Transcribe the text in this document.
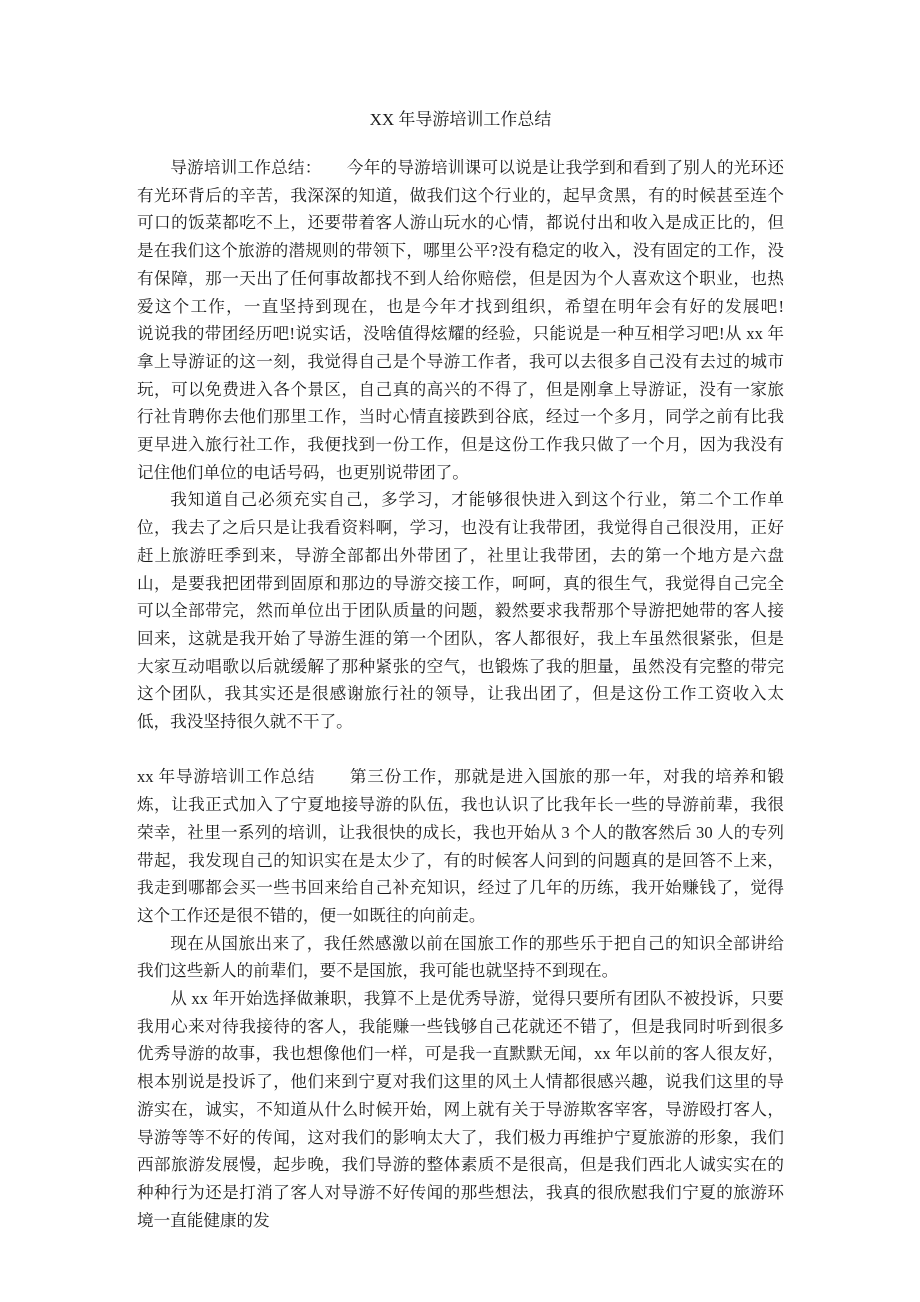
XX 年导游培训工作总结

导游培训工作总结：　　今年的导游培训课可以说是让我学到和看到了别人的光环还有光环背后的辛苦，我深深的知道，做我们这个行业的，起早贪黑，有的时候甚至连个可口的饭菜都吃不上，还要带着客人游山玩水的心情，都说付出和收入是成正比的，但是在我们这个旅游的潜规则的带领下，哪里公平?没有稳定的收入，没有固定的工作，没有保障，那一天出了任何事故都找不到人给你赔偿，但是因为个人喜欢这个职业，也热爱这个工作，一直坚持到现在，也是今年才找到组织，希望在明年会有好的发展吧!　　说说我的带团经历吧!说实话，没啥值得炫耀的经验，只能说是一种互相学习吧!从 xx 年拿上导游证的这一刻，我觉得自己是个导游工作者，我可以去很多自己没有去过的城市玩，可以免费进入各个景区，自己真的高兴的不得了，但是刚拿上导游证，没有一家旅行社肯聘你去他们那里工作，当时心情直接跌到谷底，经过一个多月，同学之前有比我更早进入旅行社工作，我便找到一份工作，但是这份工作我只做了一个月，因为我没有记住他们单位的电话号码，也更别说带团了。

我知道自己必须充实自己，多学习，才能够很快进入到这个行业，第二个工作单位，我去了之后只是让我看资料啊，学习，也没有让我带团，我觉得自己很没用，正好赶上旅游旺季到来，导游全部都出外带团了，社里让我带团，去的第一个地方是六盘山，是要我把团带到固原和那边的导游交接工作，呵呵，真的很生气，我觉得自己完全可以全部带完，然而单位出于团队质量的问题，毅然要求我帮那个导游把她带的客人接回来，这就是我开始了导游生涯的第一个团队，客人都很好，我上车虽然很紧张，但是大家互动唱歌以后就缓解了那种紧张的空气，也锻炼了我的胆量，虽然没有完整的带完这个团队，我其实还是很感谢旅行社的领导，让我出团了，但是这份工作工资收入太低，我没坚持很久就不干了。

xx 年导游培训工作总结　　第三份工作，那就是进入国旅的那一年，对我的培养和锻炼，让我正式加入了宁夏地接导游的队伍，我也认识了比我年长一些的导游前辈，我很荣幸，社里一系列的培训，让我很快的成长，我也开始从 3 个人的散客然后 30 人的专列带起，我发现自己的知识实在是太少了，有的时候客人问到的问题真的是回答不上来，我走到哪都会买一些书回来给自己补充知识，经过了几年的历练，我开始赚钱了，觉得这个工作还是很不错的，便一如既往的向前走。

现在从国旅出来了，我任然感激以前在国旅工作的那些乐于把自己的知识全部讲给我们这些新人的前辈们，要不是国旅，我可能也就坚持不到现在。

从 xx 年开始选择做兼职，我算不上是优秀导游，觉得只要所有团队不被投诉，只要我用心来对待我接待的客人，我能赚一些钱够自己花就还不错了，但是我同时听到很多优秀导游的故事，我也想像他们一样，可是我一直默默无闻，xx 年以前的客人很友好，根本别说是投诉了，他们来到宁夏对我们这里的风土人情都很感兴趣，说我们这里的导游实在，诚实，不知道从什么时候开始，网上就有关于导游欺客宰客，导游殴打客人，导游等等不好的传闻，这对我们的影响太大了，我们极力再维护宁夏旅游的形象，我们西部旅游发展慢，起步晚，我们导游的整体素质不是很高，但是我们西北人诚实实在的种种行为还是打消了客人对导游不好传闻的那些想法，我真的很欣慰我们宁夏的旅游环境一直能健康的发
